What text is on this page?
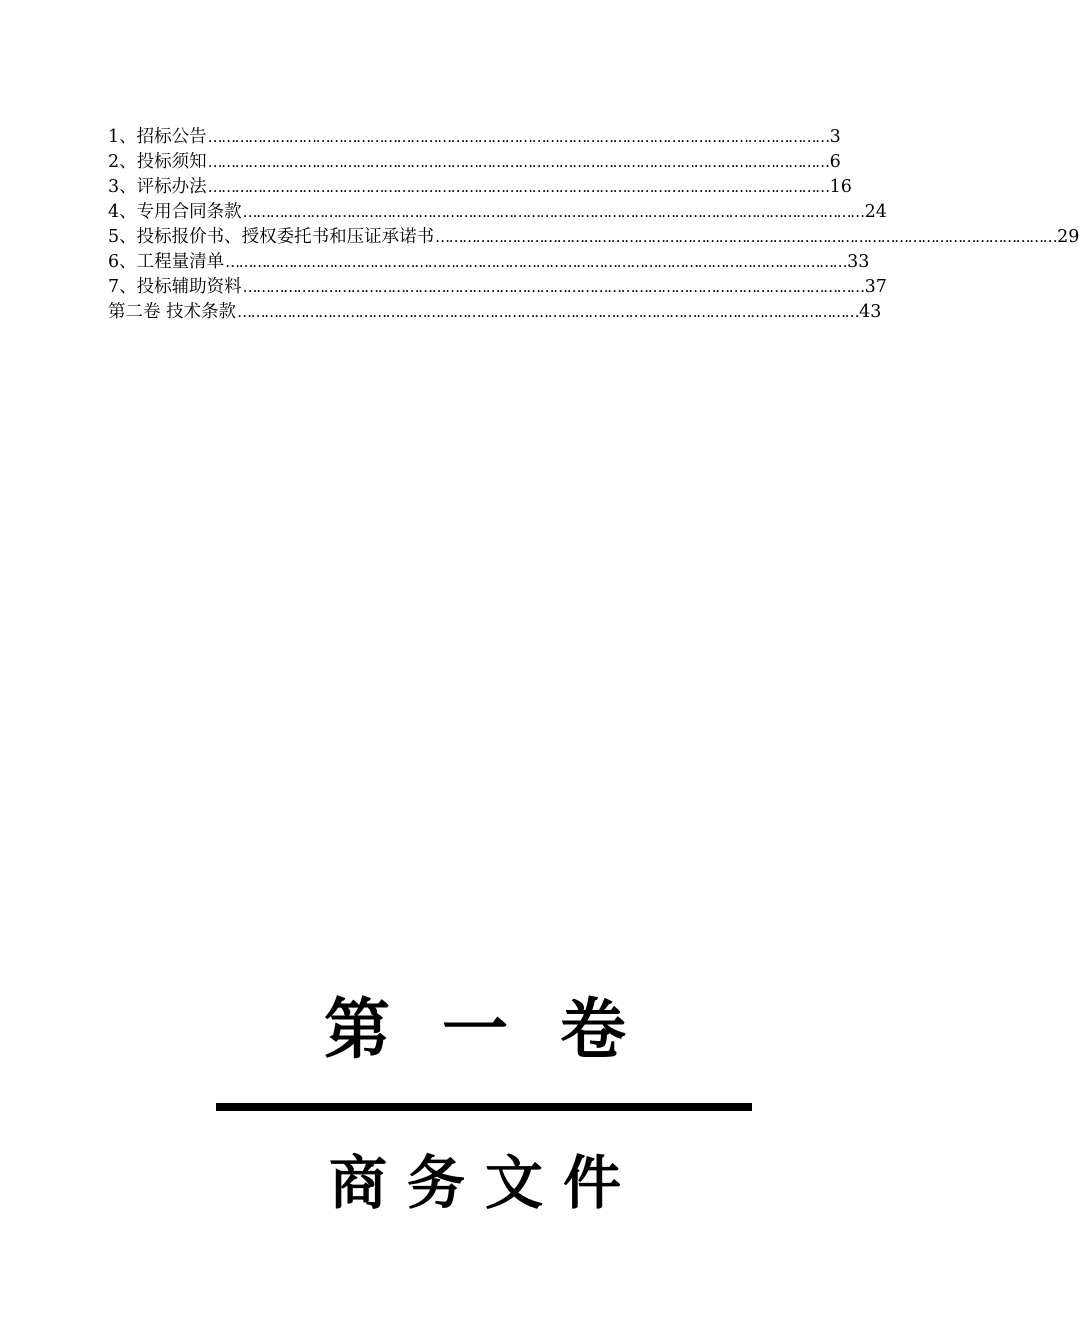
1、招标公告 ………………………………………………………………………………………………………………………… 3
2、投标须知 ………………………………………………………………………………………………………………………… 6
3、评标办法 ………………………………………………………………………………………………………………………… 16
4、专用合同条款 ………………………………………………………………………………………………………………………… 24
5、投标报价书、授权委托书和压证承诺书 ………………………………………………………………………………………………………………………… 29
6、工程量清单 ………………………………………………………………………………………………………………………… 33
7、投标辅助资料 ………………………………………………………………………………………………………………………… 37
第二卷 技术条款 ………………………………………………………………………………………………………………………… 43
第 一 卷
商 务 文 件
